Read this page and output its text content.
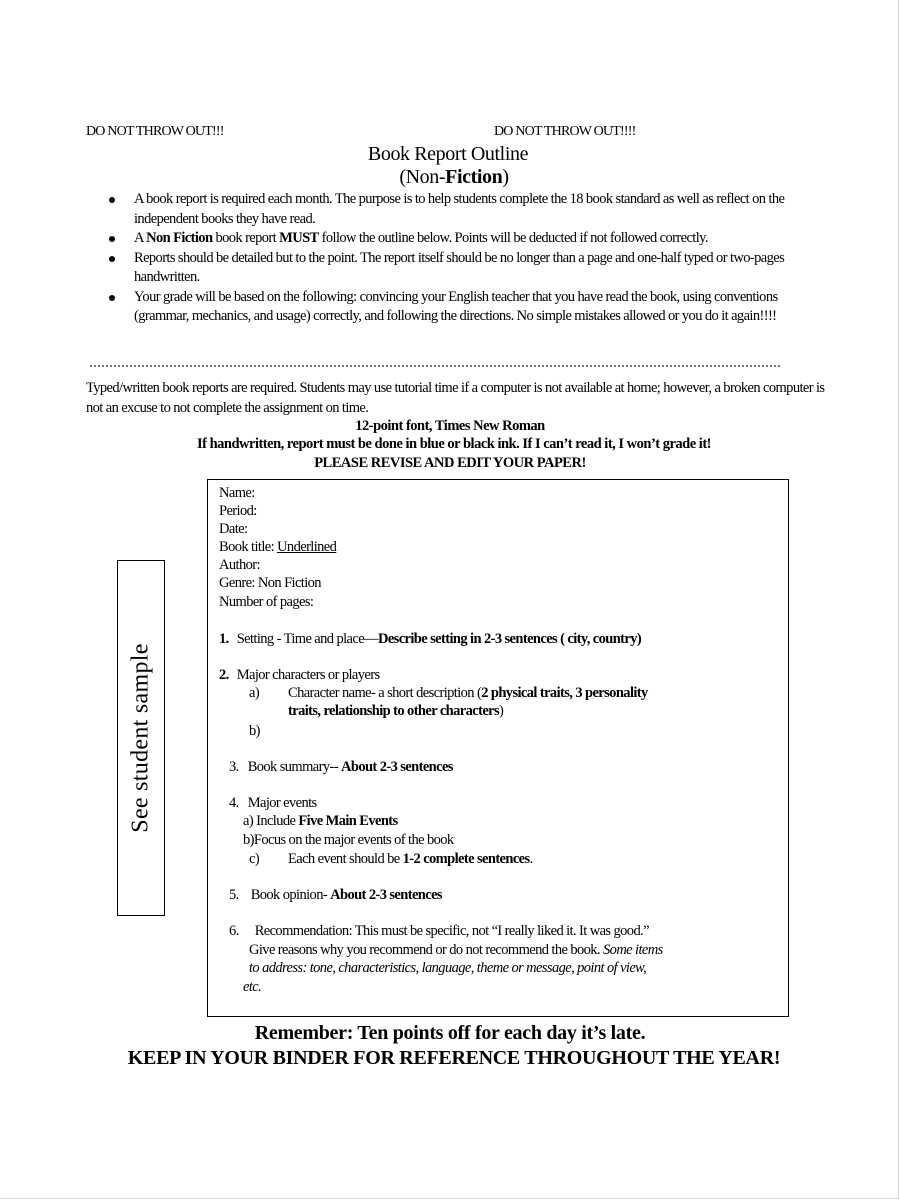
DO NOT THROW OUT!!!	DO NOT THROW OUT!!!!
Book Report Outline
(Non-Fiction)
A book report is required each month. The purpose is to help students complete the 18 book standard as well as reflect on the independent books they have read.
A Non Fiction book report MUST follow the outline below. Points will be deducted if not followed correctly.
Reports should be detailed but to the point. The report itself should be no longer than a page and one-half typed or two-pages handwritten.
Your grade will be based on the following: convincing your English teacher that you have read the book, using conventions (grammar, mechanics, and usage) correctly, and following the directions. No simple mistakes allowed or you do it again!!!!
Typed/written book reports are required. Students may use tutorial time if a computer is not available at home; however, a broken computer is not an excuse to not complete the assignment on time.
12-point font, Times New Roman
If handwritten, report must be done in blue or black ink. If I can’t read it, I won’t grade it!
PLEASE REVISE AND EDIT YOUR PAPER!
See student sample
Name:
Period:
Date:
Book title: Underlined
Author:
Genre: Non Fiction
Number of pages:
1. Setting - Time and place—Describe setting in 2-3 sentences ( city, country)
2. Major characters or players
a) Character name- a short description (2 physical traits, 3 personality
traits, relationship to other characters)
b)
3. Book summary-- About 2-3 sentences
4. Major events
a) Include Five Main Events
b)Focus on the major events of the book
c) Each event should be 1-2 complete sentences.
5. Book opinion- About 2-3 sentences
6. Recommendation: This must be specific, not “I really liked it. It was good.”
Give reasons why you recommend or do not recommend the book. Some items
to address: tone, characteristics, language, theme or message, point of view,
etc.
Remember: Ten points off for each day it’s late.
KEEP IN YOUR BINDER FOR REFERENCE THROUGHOUT THE YEAR!
